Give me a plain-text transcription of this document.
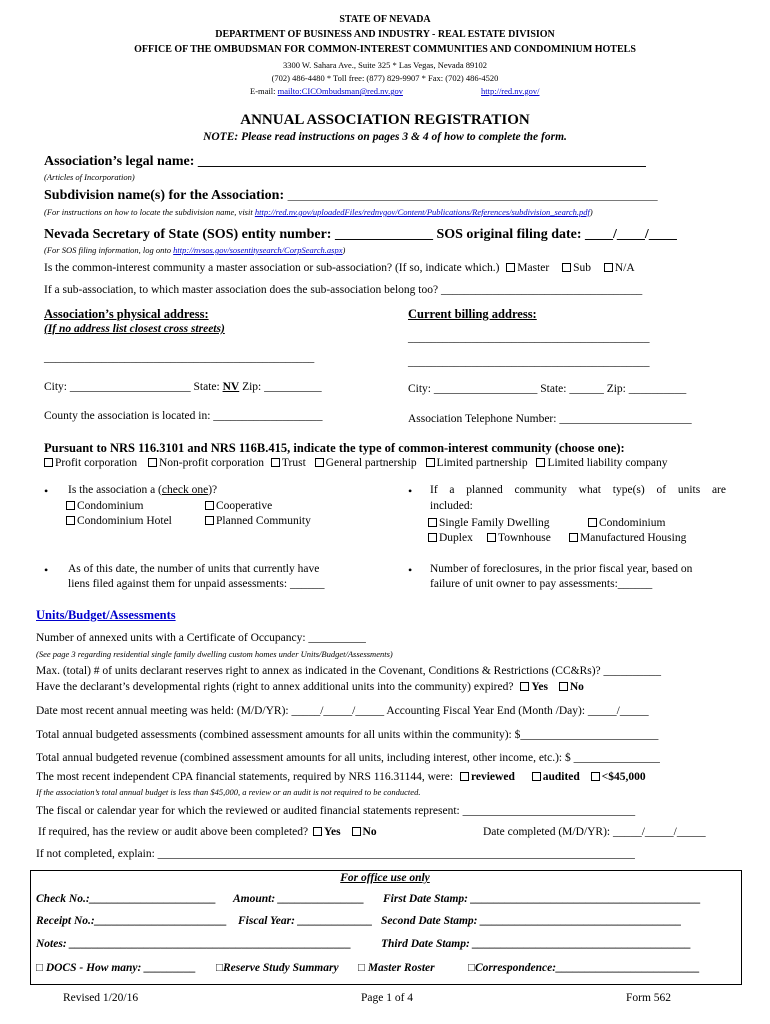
STATE OF NEVADA
DEPARTMENT OF BUSINESS AND INDUSTRY - REAL ESTATE DIVISION
OFFICE OF THE OMBUDSMAN FOR COMMON-INTEREST COMMUNITIES AND CONDOMINIUM HOTELS
3300 W. Sahara Ave., Suite 325 * Las Vegas, Nevada 89102
(702) 486-4480 * Toll free: (877) 829-9907 * Fax: (702) 486-4520
E-mail: mailto:CICOmbudsman@red.nv.gov	http://red.nv.gov/
ANNUAL ASSOCIATION REGISTRATION
NOTE: Please read instructions on pages 3 & 4 of how to complete the form.
Association’s legal name: ________________________________________________________________
(Articles of Incorporation)
Subdivision name(s) for the Association: __________________________________________________________________________
(For instructions on how to locate the subdivision name, visit http://red.nv.gov/uploadedFiles/rednvgov/Content/Publications/References/subdivision_search.pdf)
Nevada Secretary of State (SOS) entity number: ______________ SOS original filing date: ____/____/____
(For SOS filing information, log onto http://nvsos.gov/sosentitysearch/CorpSearch.aspx)
Is the common-interest community a master association or sub-association? (If so, indicate which.) Master Sub N/A
If a sub-association, to which master association does the sub-association belong too? ___________________________________
Association’s physical address:
(If no address list closest cross streets)
_______________________________________________
City: _____________________ State: NV Zip: __________
County the association is located in: ___________________
Current billing address:
__________________________________________
__________________________________________
City: __________________ State: ______ Zip: __________
Association Telephone Number: _______________________
Pursuant to NRS 116.3101 and NRS 116B.415, indicate the type of common-interest community (choose one):
Profit corporation Non-profit corporation Trust General partnership Limited partnership Limited liability company
• Is the association a (check one)?
Condominium	Cooperative
Condominium Hotel	Planned Community
• If a planned community what type(s) of units are
included:
Single Family Dwelling	Condominium
Duplex	Townhouse	Manufactured Housing
• As of this date, the number of units that currently have
liens filed against them for unpaid assessments: ______
• Number of foreclosures, in the prior fiscal year, based on
failure of unit owner to pay assessments:______
Units/Budget/Assessments
Number of annexed units with a Certificate of Occupancy: __________
(See page 3 regarding residential single family dwelling custom homes under Units/Budget/Assessments)
Max. (total) # of units declarant reserves right to annex as indicated in the Covenant, Conditions & Restrictions (CC&Rs)? __________
Have the declarant’s developmental rights (right to annex additional units into the community) expired? Yes No
Date most recent annual meeting was held: (M/D/YR): _____/_____/_____ Accounting Fiscal Year End (Month /Day): _____/_____
Total annual budgeted assessments (combined assessment amounts for all units within the community): $________________________
Total annual budgeted revenue (combined assessment amounts for all units, including interest, other income, etc.): $ _______________
The most recent independent CPA financial statements, required by NRS 116.31144, were: reviewed audited <$45,000
If the association’s total annual budget is less than $45,000, a review or an audit is not required to be conducted.
The fiscal or calendar year for which the reviewed or audited financial statements represent: ______________________________
If required, has the review or audit above been completed? Yes No	Date completed (M/D/YR): _____/_____/_____
If not completed, explain: ___________________________________________________________________________________
For office use only
Check No.:______________________ Amount: _______________ First Date Stamp: ________________________________________
Receipt No.:_______________________ Fiscal Year: _____________ Second Date Stamp: ___________________________________
Notes: _________________________________________________	Third Date Stamp: ______________________________________
□ DOCS - How many: _________ □Reserve Study Summary □ Master Roster	□Correspondence:_________________________
Revised 1/20/16	Page 1 of 4	Form 562
